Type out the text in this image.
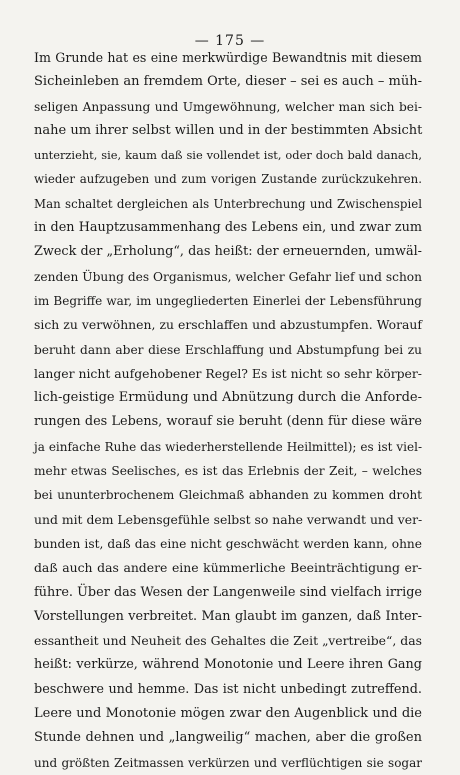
— 175 —
Im Grunde hat es eine merkwürdige Bewandtnis mit diesem
Sicheinleben an fremdem Orte, dieser – sei es auch – müh-
seligen Anpassung und Umgewöhnung, welcher man sich bei-
nahe um ihrer selbst willen und in der bestimmten Absicht
unterzieht, sie, kaum daß sie vollendet ist, oder doch bald danach,
wieder aufzugeben und zum vorigen Zustande zurückzukehren.
Man schaltet dergleichen als Unterbrechung und Zwischenspiel
in den Hauptzusammenhang des Lebens ein, und zwar zum
Zweck der „Erholung“, das heißt: der erneuernden, umwäl-
zenden Übung des Organismus, welcher Gefahr lief und schon
im Begriffe war, im ungegliederten Einerlei der Lebensführung
sich zu verwöhnen, zu erschlaffen und abzustumpfen. Worauf
beruht dann aber diese Erschlaffung und Abstumpfung bei zu
langer nicht aufgehobener Regel? Es ist nicht so sehr körper-
lich-geistige Ermüdung und Abnützung durch die Anforde-
rungen des Lebens, worauf sie beruht (denn für diese wäre
ja einfache Ruhe das wiederherstellende Heilmittel); es ist viel-
mehr etwas Seelisches, es ist das Erlebnis der Zeit, – welches
bei ununterbrochenem Gleichmaß abhanden zu kommen droht
und mit dem Lebensgefühle selbst so nahe verwandt und ver-
bunden ist, daß das eine nicht geschwächt werden kann, ohne
daß auch das andere eine kümmerliche Beeinträchtigung er-
führe. Über das Wesen der Langenweile sind vielfach irrige
Vorstellungen verbreitet. Man glaubt im ganzen, daß Inter-
essantheit und Neuheit des Gehaltes die Zeit „vertreibe“, das
heißt: verkürze, während Monotonie und Leere ihren Gang
beschwere und hemme. Das ist nicht unbedingt zutreffend.
Leere und Monotonie mögen zwar den Augenblick und die
Stunde dehnen und „langweilig“ machen, aber die großen
und größten Zeitmassen verkürzen und verflüchtigen sie sogar
